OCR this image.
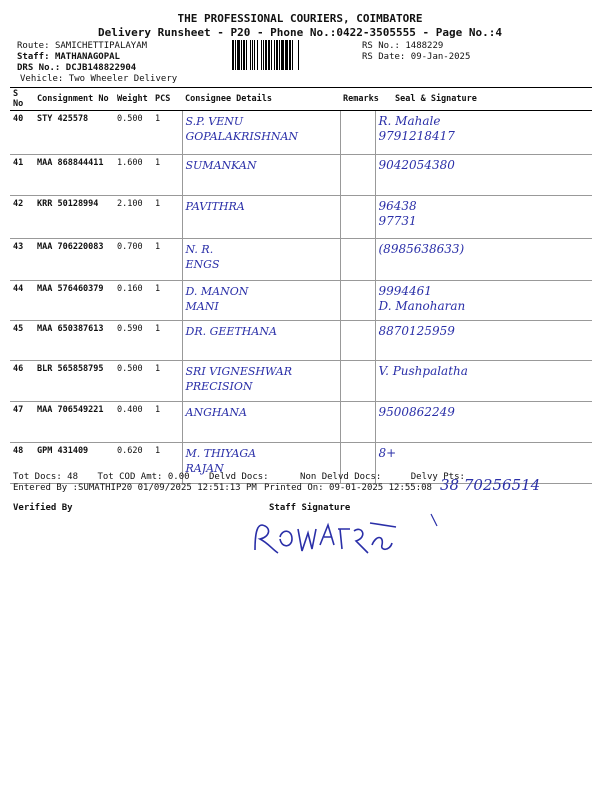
THE PROFESSIONAL COURIERS, COIMBATORE
Delivery Runsheet - P20 - Phone No.:0422-3505555 - Page No.:4
Route: SAMICHETTIPALAYAM
Staff: MATHANAGOPAL
DRS No.: DCJB148822904
Vehicle: Two Wheeler Delivery
RS No.: 1488229
RS Date: 09-Jan-2025
S No	Consignment No	Weight	PCS	Consignee Details	Remarks	Seal & Signature
40	STY 425578	0.500	1	S.P. VENU
GOPALAKRISHNAN		R. Mahale
9791218417

41	MAA 868844411	1.600	1	SUMANKAN		9042054380

42	KRR 50128994	2.100	1	PAVITHRA		96438
97731

43	MAA 706220083	0.700	1	N. R.
ENGS		(8985638633)

44	MAA 576460379	0.160	1	D. MANON
MANI		9994461
D. Manoharan

45	MAA 650387613	0.590	1	DR. GEETHANA		8870125959

46	BLR 565858795	0.500	1	SRI VIGNESHWAR
PRECISION		V. Pushpalatha

47	MAA 706549221	0.400	1	ANGHANA		9500862249

48	GPM 431409	0.620	1	M. THIYAGA
RAJAN		8+
Tot Docs: 48 Tot COD Amt: 0.00 Delvd Docs:	Non Delvd Docs:	Delvy Pts:
Entered By :SUMATHIP20 01/09/2025 12:51:13 PM Printed On: 09-01-2025 12:55:08 38 70256514
Verified By	Staff Signature
